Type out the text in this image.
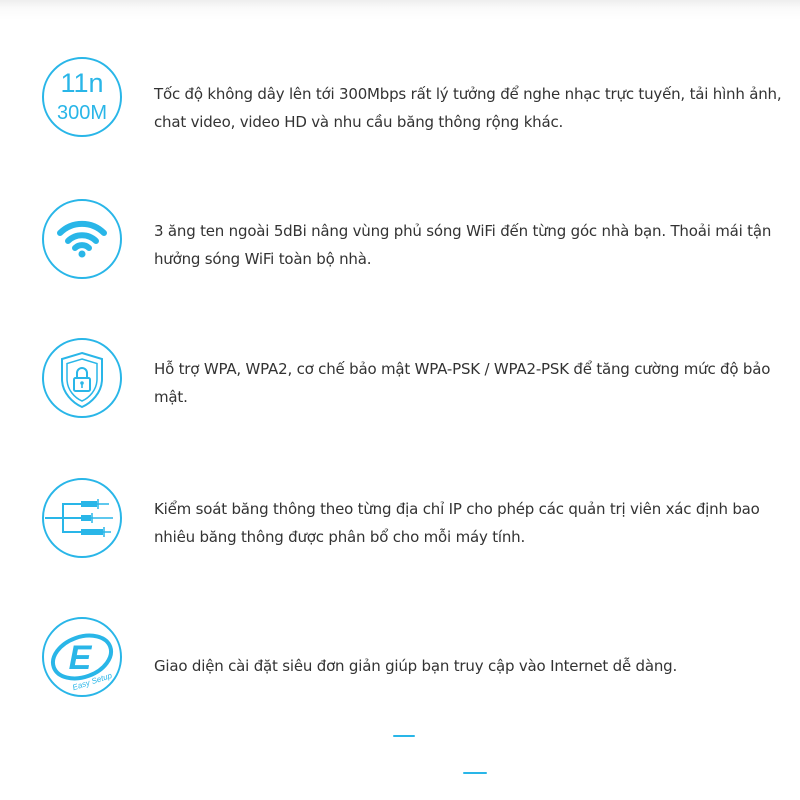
11n
300M
Tốc độ không dây lên tới 300Mbps rất lý tưởng để nghe nhạc trực tuyến, tải hình ảnh, chat video, video HD và nhu cầu băng thông rộng khác.
3 ăng ten ngoài 5dBi nâng vùng phủ sóng WiFi đến từng góc nhà bạn. Thoải mái tận hưởng sóng WiFi toàn bộ nhà.
Hỗ trợ WPA, WPA2, cơ chế bảo mật WPA-PSK / WPA2-PSK để tăng cường mức độ bảo mật.
Kiểm soát băng thông theo từng địa chỉ IP cho phép các quản trị viên xác định bao nhiêu băng thông được phân bổ cho mỗi máy tính.
E
Easy Setup
Giao diện cài đặt siêu đơn giản giúp bạn truy cập vào Internet dễ dàng.
